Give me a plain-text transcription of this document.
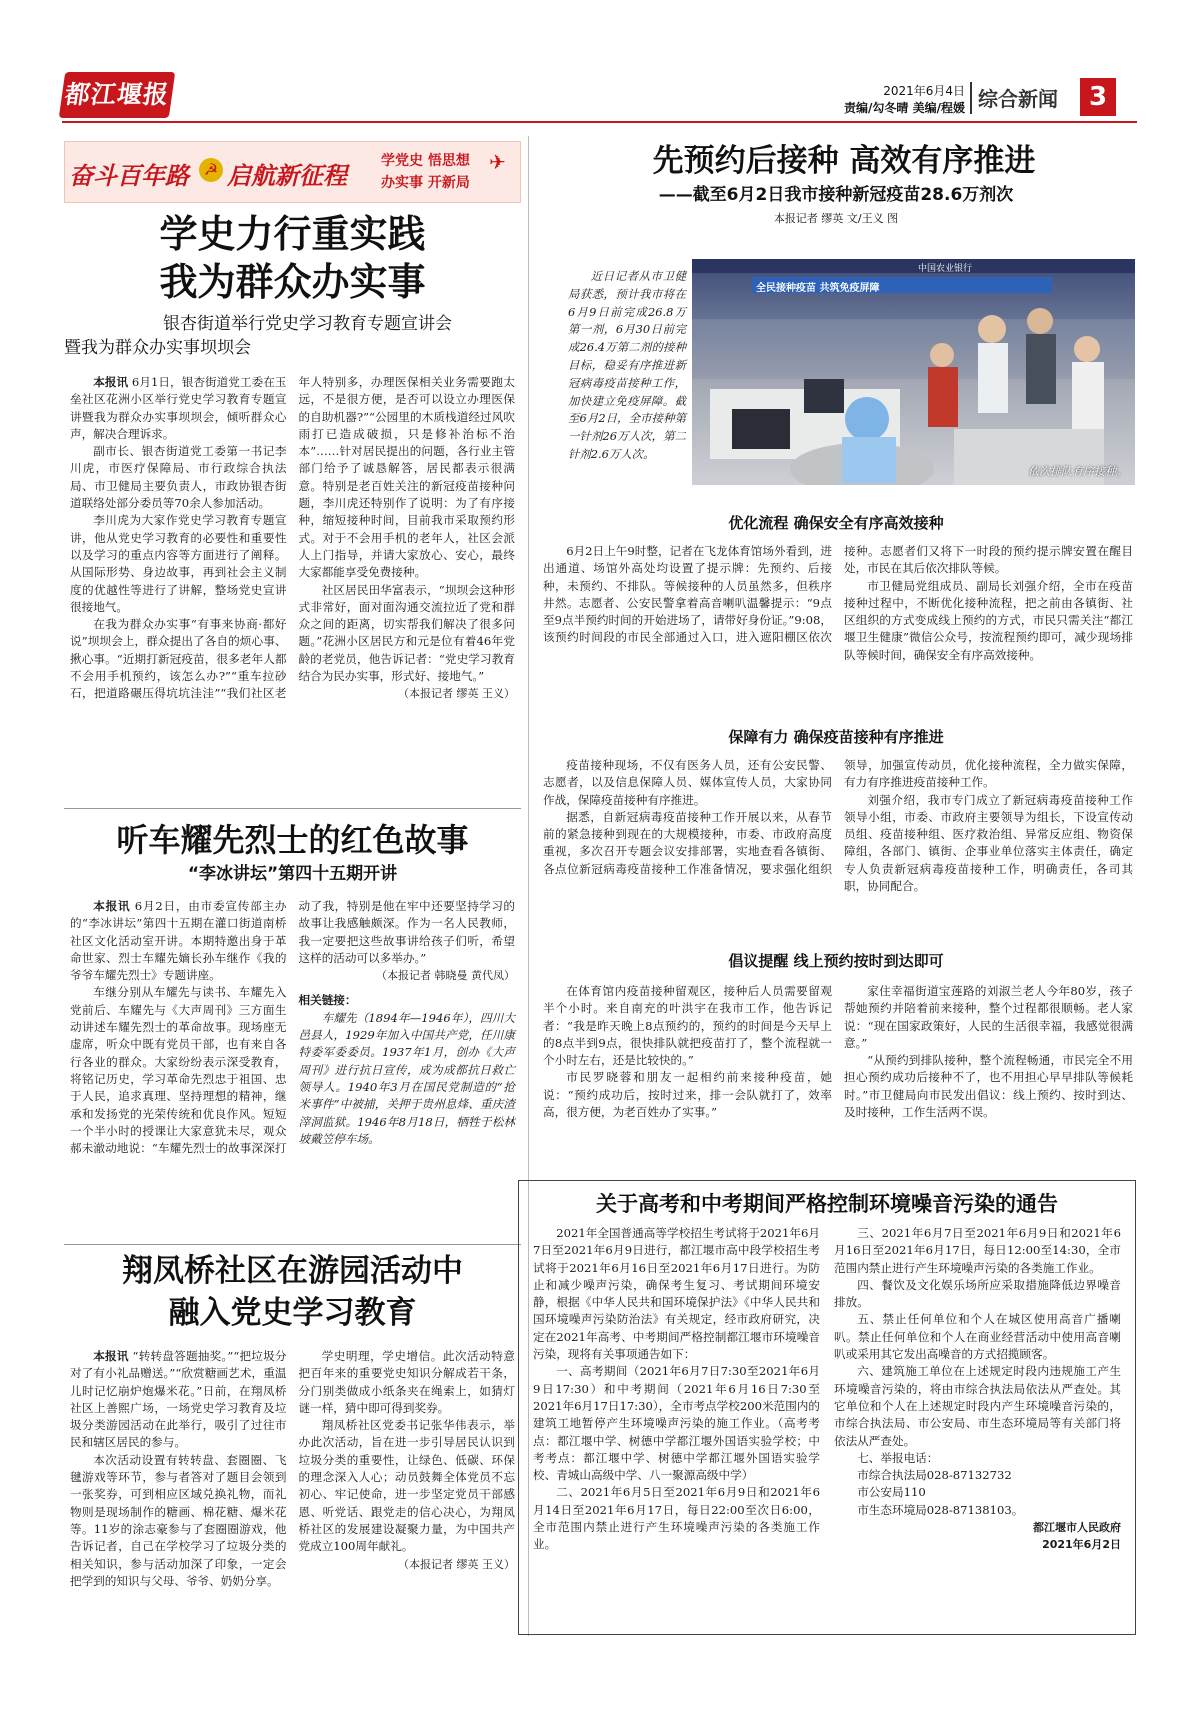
都江堰报	2021年6月4日
责编/勾冬晴 美编/程媛 综合新闻	3
奋斗百年路 ☭ 启航新征程 学党史 悟思想
办实事 开新局
✈
学史力行重实践
我为群众办实事
银杏街道举行党史学习教育专题宣讲会
暨我为群众办实事坝坝会

本报讯 6月1日，银杏街道党工委在玉垒社区花洲小区举行党史学习教育专题宣讲暨我为群众办实事坝坝会，倾听群众心声，解决合理诉求。

副市长、银杏街道党工委第一书记李川虎，市医疗保障局、市行政综合执法局、市卫健局主要负责人，市政协银杏街道联络处部分委员等70余人参加活动。

李川虎为大家作党史学习教育专题宣讲，他从党史学习教育的必要性和重要性以及学习的重点内容等方面进行了阐释。从国际形势、身边故事，再到社会主义制度的优越性等进行了讲解，整场党史宣讲很接地气。

在我为群众办实事“有事来协商·都好说”坝坝会上，群众提出了各自的烦心事、揪心事。“近期打新冠疫苗，很多老年人都不会用手机预约，该怎么办?”“重车拉砂石，把道路碾压得坑坑洼洼”“我们社区老年人特别多，办理医保相关业务需要跑太远，不是很方便，是否可以设立办理医保的自助机器?”“公园里的木质栈道经过风吹雨打已造成破损，只是修补治标不治本”……针对居民提出的问题，各行业主管部门给予了诚恳解答，居民都表示很满意。特别是老百姓关注的新冠疫苗接种问题，李川虎还特别作了说明：为了有序接种，缩短接种时间，目前我市采取预约形式。对于不会用手机的老年人，社区会派人上门指导，并请大家放心、安心，最终大家都能享受免费接种。

社区居民田华富表示，“坝坝会这种形式非常好，面对面沟通交流拉近了党和群众之间的距离，切实帮我们解决了很多问题。”花洲小区居民方和元是位有着46年党龄的老党员，他告诉记者：“党史学习教育结合为民办实事，形式好、接地气。”

（本报记者 缪英 王义）

听车耀先烈士的红色故事
“李冰讲坛”第四十五期开讲

本报讯 6月2日，由市委宣传部主办的“李冰讲坛”第四十五期在灌口街道南桥社区文化活动室开讲。本期特邀出身于革命世家、烈士车耀先嫡长孙车继作《我的爷爷车耀先烈士》专题讲座。

车继分别从车耀先与读书、车耀先入党前后、车耀先与《大声周刊》三方面生动讲述车耀先烈士的革命故事。现场座无虚席，听众中既有党员干部，也有来自各行各业的群众。大家纷纷表示深受教育，将铭记历史，学习革命先烈忠于祖国、忠于人民，追求真理、坚持理想的精神，继承和发扬党的光荣传统和优良作风。短短一个半小时的授课让大家意犹未尽，观众郝未澈动地说：“车耀先烈士的故事深深打动了我，特别是他在牢中还要坚持学习的故事让我感触颇深。作为一名人民教师，我一定要把这些故事讲给孩子们听，希望这样的活动可以多举办。”

（本报记者 韩晓曼 黄代凤）

相关链接：

车耀先（1894年—1946年），四川大邑县人，1929年加入中国共产党，任川康特委军委委员。1937年1月，创办《大声周刊》进行抗日宣传，成为成都抗日救亡领导人。1940年3月在国民党制造的“抢米事件”中被捕，关押于贵州息烽、重庆渣滓洞监狱。1946年8月18日，牺牲于松林坡戴笠停车场。

翔凤桥社区在游园活动中
融入党史学习教育

本报讯 “转转盘答题抽奖。”“把垃圾分对了有小礼品赠送。”“欣赏糖画艺术，重温儿时记忆崩炉炮爆米花。”日前，在翔凤桥社区上善熙广场，一场党史学习教育及垃圾分类游园活动在此举行，吸引了过往市民和辖区居民的参与。

本次活动设置有转转盘、套圈圈、飞毽游戏等环节，参与者答对了题目会领到一张奖券，可到相应区域兑换礼物，而礼物则是现场制作的糖画、棉花糖、爆米花等。11岁的涂志豪参与了套圈圈游戏，他告诉记者，自己在学校学习了垃圾分类的相关知识，参与活动加深了印象，一定会把学到的知识与父母、爷爷、奶奶分享。

学史明理，学史增信。此次活动特意把百年来的重要党史知识分解成若干条，分门别类做成小纸条夹在绳索上，如猜灯谜一样，猜中即可得到奖券。

翔凤桥社区党委书记张华伟表示，举办此次活动，旨在进一步引导居民认识到垃圾分类的重要性，让绿色、低碳、环保的理念深入人心；动员鼓舞全体党员不忘初心、牢记使命，进一步坚定党员干部感恩、听党话、跟党走的信心决心，为翔凤桥社区的发展建设凝聚力量，为中国共产党成立100周年献礼。

（本报记者 缪英 王义）

先预约后接种 高效有序推进
——截至6月2日我市接种新冠疫苗28.6万剂次
本报记者 缪英 文/王义 图

近日记者从市卫健局获悉，预计我市将在6月9日前完成26.8万第一剂，6月30日前完成26.4万第二剂的接种目标，稳妥有序推进新冠病毒疫苗接种工作，加快建立免疫屏障。截至6月2日，全市接种第一针剂26万人次，第二针剂2.6万人次。

中国农业银行
全民接种疫苗 共筑免疫屏障
依次排队有序接种。
优化流程 确保安全有序高效接种

6月2日上午9时整，记者在飞龙体育馆场外看到，进出通道、场馆外高处均设置了提示牌：先预约、后接种，未预约、不排队。等候接种的人员虽然多，但秩序井然。志愿者、公安民警拿着高音喇叭温馨提示：“9点至9点半预约时间的开始进场了，请带好身份证。”9:08，该预约时间段的市民全部通过入口，进入遮阳棚区依次接种。志愿者们又将下一时段的预约提示牌安置在醒目处，市民在其后依次排队等候。

市卫健局党组成员、副局长刘强介绍，全市在疫苗接种过程中，不断优化接种流程，把之前由各镇街、社区组织的方式变成线上预约的方式，市民只需关注“都江堰卫生健康”微信公众号，按流程预约即可，减少现场排队等候时间，确保安全有序高效接种。

保障有力 确保疫苗接种有序推进

疫苗接种现场，不仅有医务人员，还有公安民警、志愿者，以及信息保障人员、媒体宣传人员，大家协同作战，保障疫苗接种有序推进。

据悉，自新冠病毒疫苗接种工作开展以来，从春节前的紧急接种到现在的大规模接种，市委、市政府高度重视，多次召开专题会议安排部署，实地查看各镇街、各点位新冠病毒疫苗接种工作准备情况，要求强化组织领导，加强宣传动员，优化接种流程，全力做实保障，有力有序推进疫苗接种工作。

刘强介绍，我市专门成立了新冠病毒疫苗接种工作领导小组，市委、市政府主要领导为组长，下设宣传动员组、疫苗接种组、医疗救治组、异常反应组、物资保障组，各部门、镇街、企事业单位落实主体责任，确定专人负责新冠病毒疫苗接种工作，明确责任，各司其职，协同配合。

倡议提醒 线上预约按时到达即可

在体育馆内疫苗接种留观区，接种后人员需要留观半个小时。来自南充的叶洪宇在我市工作，他告诉记者：“我是昨天晚上8点预约的，预约的时间是今天早上的8点半到9点，很快排队就把疫苗打了，整个流程就一个小时左右，还是比较快的。”

市民罗晓蓉和朋友一起相约前来接种疫苗，她说：“预约成功后，按时过来，排一会队就打了，效率高，很方便，为老百姓办了实事。”

家住幸福街道宝莲路的刘淑兰老人今年80岁，孩子帮她预约并陪着前来接种，整个过程都很顺畅。老人家说：“现在国家政策好，人民的生活很幸福，我感觉很满意。”

“从预约到排队接种，整个流程畅通，市民完全不用担心预约成功后接种不了，也不用担心早早排队等候耗时。”市卫健局向市民发出倡议：线上预约、按时到达、及时接种，工作生活两不误。

关于高考和中考期间严格控制环境噪音污染的通告

2021年全国普通高等学校招生考试将于2021年6月7日至2021年6月9日进行，都江堰市高中段学校招生考试将于2021年6月16日至2021年6月17日进行。为防止和减少噪声污染，确保考生复习、考试期间环境安静，根据《中华人民共和国环境保护法》《中华人民共和国环境噪声污染防治法》有关规定，经市政府研究，决定在2021年高考、中考期间严格控制都江堰市环境噪音污染，现将有关事项通告如下：

一、高考期间（2021年6月7日7:30至2021年6月9日17:30）和中考期间（2021年6月16日7:30至2021年6月17日17:30），全市考点学校200米范围内的建筑工地暂停产生环境噪声污染的施工作业。（高考考点：都江堰中学、树德中学都江堰外国语实验学校；中考考点：都江堰中学、树德中学都江堰外国语实验学校、青城山高级中学、八一聚源高级中学）

二、2021年6月5日至2021年6月9日和2021年6月14日至2021年6月17日，每日22:00至次日6:00，全市范围内禁止进行产生环境噪声污染的各类施工作业。

三、2021年6月7日至2021年6月9日和2021年6月16日至2021年6月17日，每日12:00至14:30，全市范围内禁止进行产生环境噪声污染的各类施工作业。

四、餐饮及文化娱乐场所应采取措施降低边界噪音排放。

五、禁止任何单位和个人在城区使用高音广播喇叭。禁止任何单位和个人在商业经营活动中使用高音喇叭或采用其它发出高噪音的方式招揽顾客。

六、建筑施工单位在上述规定时段内违规施工产生环境噪音污染的，将由市综合执法局依法从严查处。其它单位和个人在上述规定时段内产生环境噪音污染的，市综合执法局、市公安局、市生态环境局等有关部门将依法从严查处。

七、举报电话：

市综合执法局028-87132732

市公安局110

市生态环境局028-87138103。

都江堰市人民政府

2021年6月2日
